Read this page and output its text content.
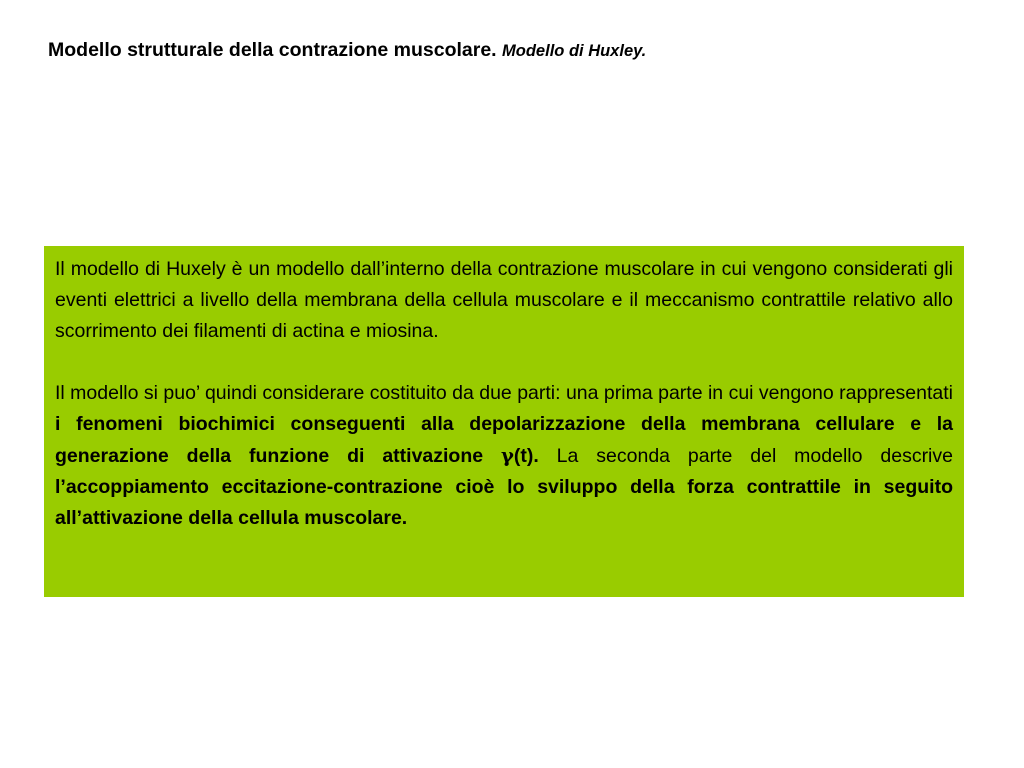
Modello strutturale della contrazione muscolare. Modello di Huxley.

Il modello di Huxely è un modello dall’interno della contrazione muscolare in cui vengono considerati gli eventi elettrici a livello della membrana della cellula muscolare e il meccanismo contrattile relativo allo scorrimento dei filamenti di actina e miosina.

Il modello si puo’ quindi considerare costituito da due parti: una prima parte in cui vengono rappresentati i fenomeni biochimici conseguenti alla depolarizzazione della membrana cellulare e la generazione della funzione di attivazione γ(t). La seconda parte del modello descrive l’accoppiamento eccitazione-contrazione cioè lo sviluppo della forza contrattile in seguito all’attivazione della cellula muscolare.
